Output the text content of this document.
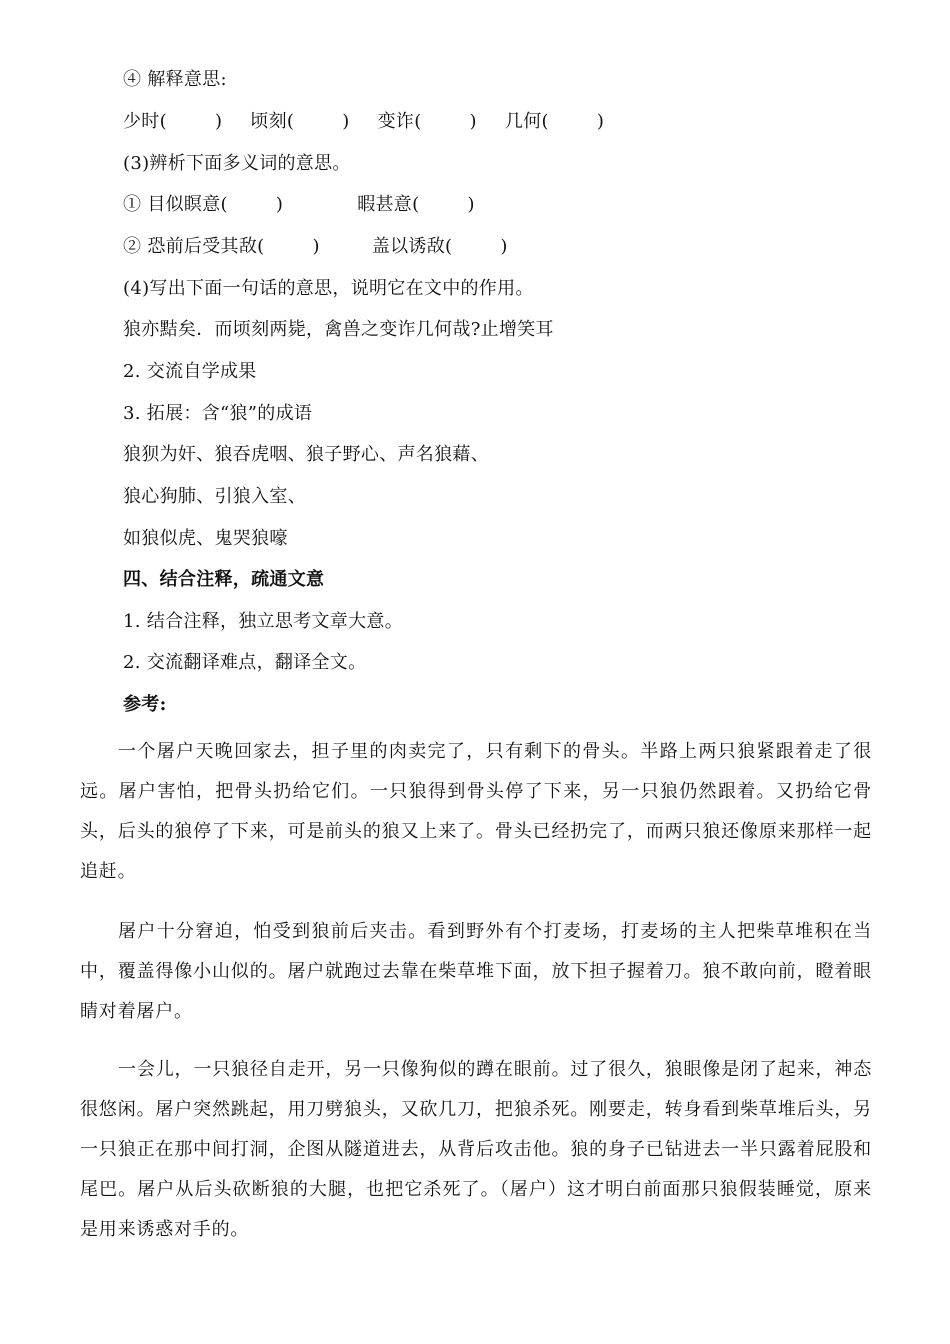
④ 解释意思:
少时(	) 顷刻(	) 变诈(	) 几何(	)
(3)辨析下面多义词的意思。
① 目似瞑意(	)	暇甚意(	)
② 恐前后受其敌(	)	盖以诱敌(	)
(4)写出下面一句话的意思，说明它在文中的作用。
狼亦黠矣．而顷刻两毙，禽兽之变诈几何哉?止增笑耳
2. 交流自学成果
3. 拓展：含“狼”的成语
狼狈为奸、狼吞虎咽、狼子野心、声名狼藉、
狼心狗肺、引狼入室、
如狼似虎、鬼哭狼嚎
四、结合注释，疏通文意
1. 结合注释，独立思考文章大意。
2. 交流翻译难点，翻译全文。
参考:

一个屠户天晚回家去，担子里的肉卖完了，只有剩下的骨头。半路上两只狼紧跟着走了很远。屠户害怕，把骨头扔给它们。一只狼得到骨头停了下来，另一只狼仍然跟着。又扔给它骨头，后头的狼停了下来，可是前头的狼又上来了。骨头已经扔完了，而两只狼还像原来那样一起追赶。

屠户十分窘迫，怕受到狼前后夹击。看到野外有个打麦场，打麦场的主人把柴草堆积在当中，覆盖得像小山似的。屠户就跑过去靠在柴草堆下面，放下担子握着刀。狼不敢向前，瞪着眼睛对着屠户。

一会儿，一只狼径自走开，另一只像狗似的蹲在眼前。过了很久，狼眼像是闭了起来，神态很悠闲。屠户突然跳起，用刀劈狼头，又砍几刀，把狼杀死。刚要走，转身看到柴草堆后头，另一只狼正在那中间打洞，企图从隧道进去，从背后攻击他。狼的身子已钻进去一半只露着屁股和尾巴。屠户从后头砍断狼的大腿，也把它杀死了。（屠户）这才明白前面那只狼假装睡觉，原来是用来诱惑对手的。
